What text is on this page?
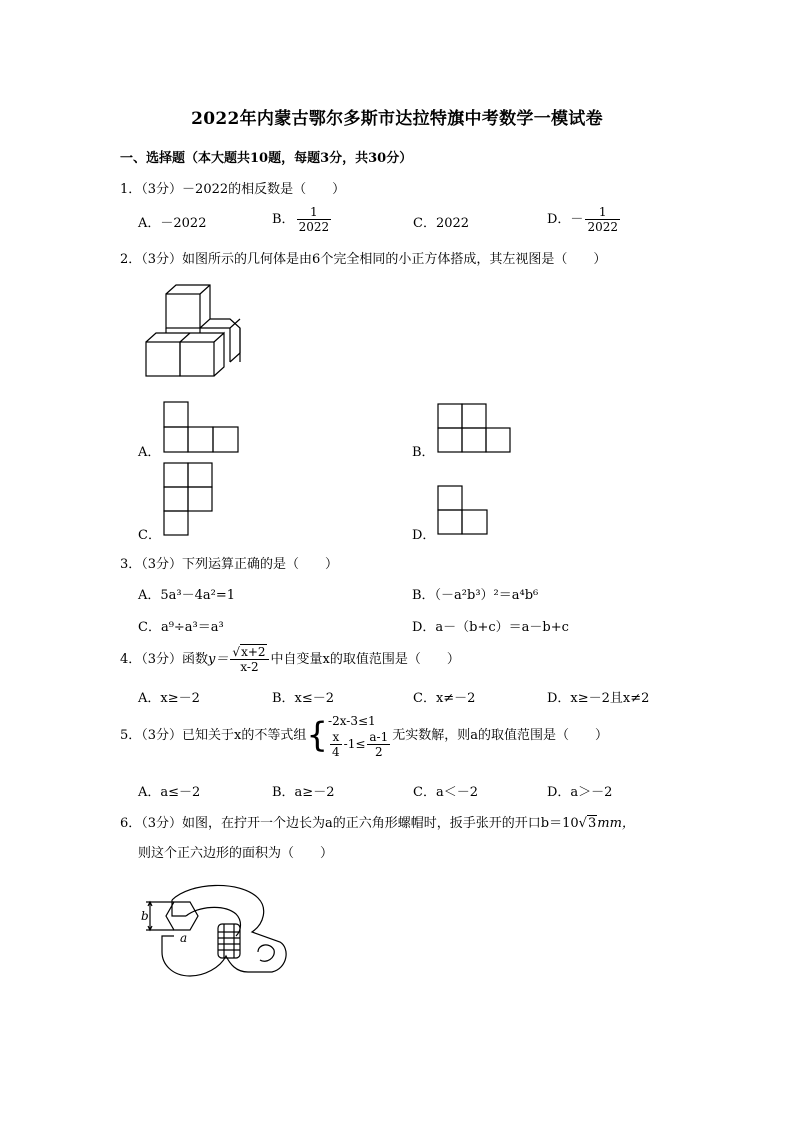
2022年内蒙古鄂尔多斯市达拉特旗中考数学一模试卷
一、选择题（本大题共10题，每题3分，共30分）
1．（3分）－2022的相反数是（　　）
A．－2022	B． $\frac{1}{2022}$	C．2022	D．－ $\frac{1}{2022}$
2．（3分）如图所示的几何体是由6个完全相同的小正方体搭成，其左视图是（　　）
A．	B．
C．	D．
3．（3分）下列运算正确的是（　　）
A．5a³－4a²=1	B．（－a²b³）²＝a⁴b⁶
C．a⁹÷a³＝a³	D．a－（b+c）＝a－b+c
4．（3分）函数$y= \frac{√x+2}{x-2}$ 中自变量x的取值范围是（　　）
A．x≥－2	B．x≤－2	C．x≠－2	D．x≥－2且x≠2
5．（3分）已知关于x的不等式组{ -2x-3≤1
$\frac{x}{4} -1\le \frac{a-1}{2}$ 无实数解，则a的取值范围是（　　）
A．a≤－2	B．a≥－2	C．a＜－2	D．a＞－2
6．（3分）如图，在拧开一个边长为a的正六角形螺帽时，扳手张开的开口b＝10√3mm，
则这个正六边形的面积为（　　）
b
a
